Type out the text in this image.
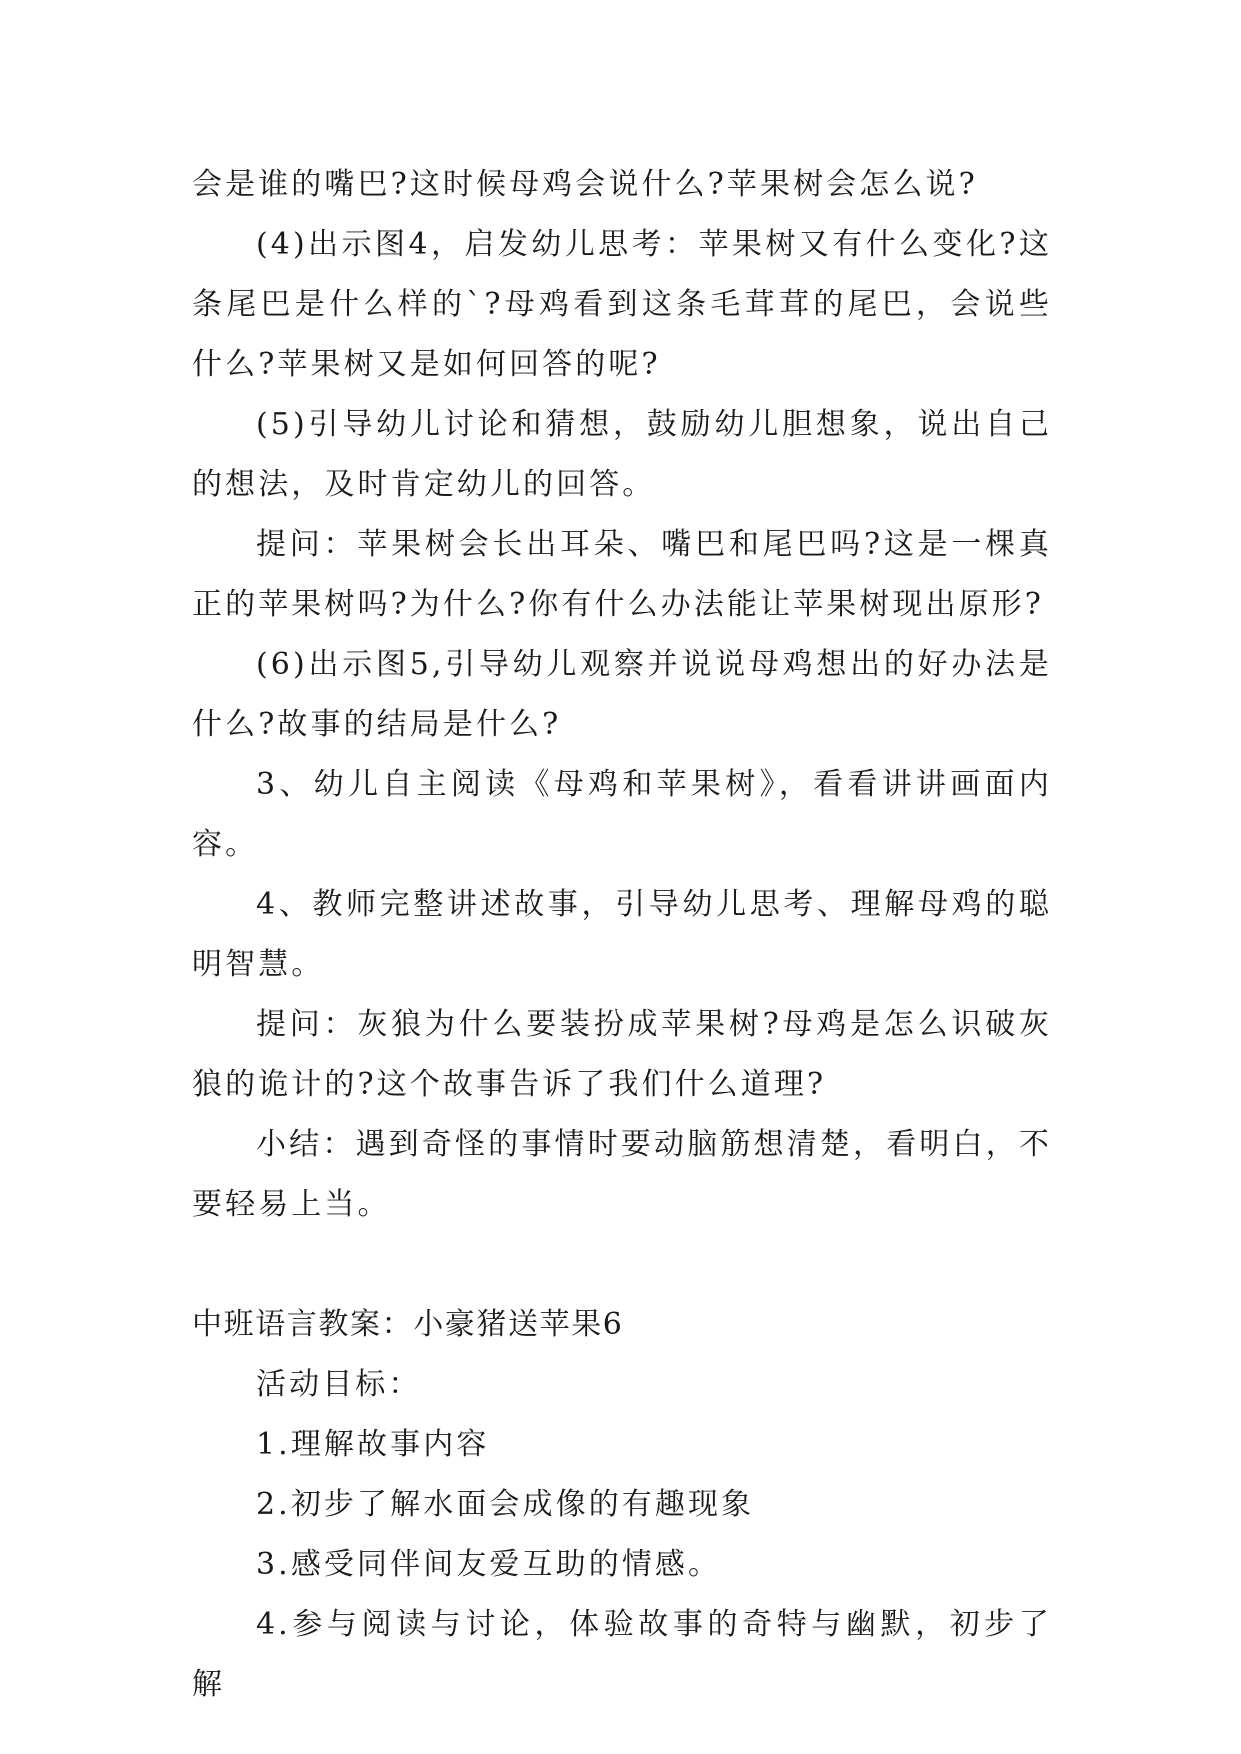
会是谁的嘴巴?这时候母鸡会说什么?苹果树会怎么说?

(4)出示图4，启发幼儿思考：苹果树又有什么变化?这条尾巴是什么样的`?母鸡看到这条毛茸茸的尾巴，会说些什么?苹果树又是如何回答的呢?

(5)引导幼儿讨论和猜想，鼓励幼儿胆想象，说出自己的想法，及时肯定幼儿的回答。

提问：苹果树会长出耳朵、嘴巴和尾巴吗?这是一棵真正的苹果树吗?为什么?你有什么办法能让苹果树现出原形?

(6)出示图5,引导幼儿观察并说说母鸡想出的好办法是什么?故事的结局是什么?

3、幼儿自主阅读《母鸡和苹果树》，看看讲讲画面内容。

4、教师完整讲述故事，引导幼儿思考、理解母鸡的聪明智慧。

提问：灰狼为什么要装扮成苹果树?母鸡是怎么识破灰狼的诡计的?这个故事告诉了我们什么道理?

小结：遇到奇怪的事情时要动脑筋想清楚，看明白，不要轻易上当。

中班语言教案：小豪猪送苹果6

活动目标：

1.理解故事内容

2.初步了解水面会成像的有趣现象

3.感受同伴间友爱互助的情感。

4.参与阅读与讨论，体验故事的奇特与幽默，初步了解
